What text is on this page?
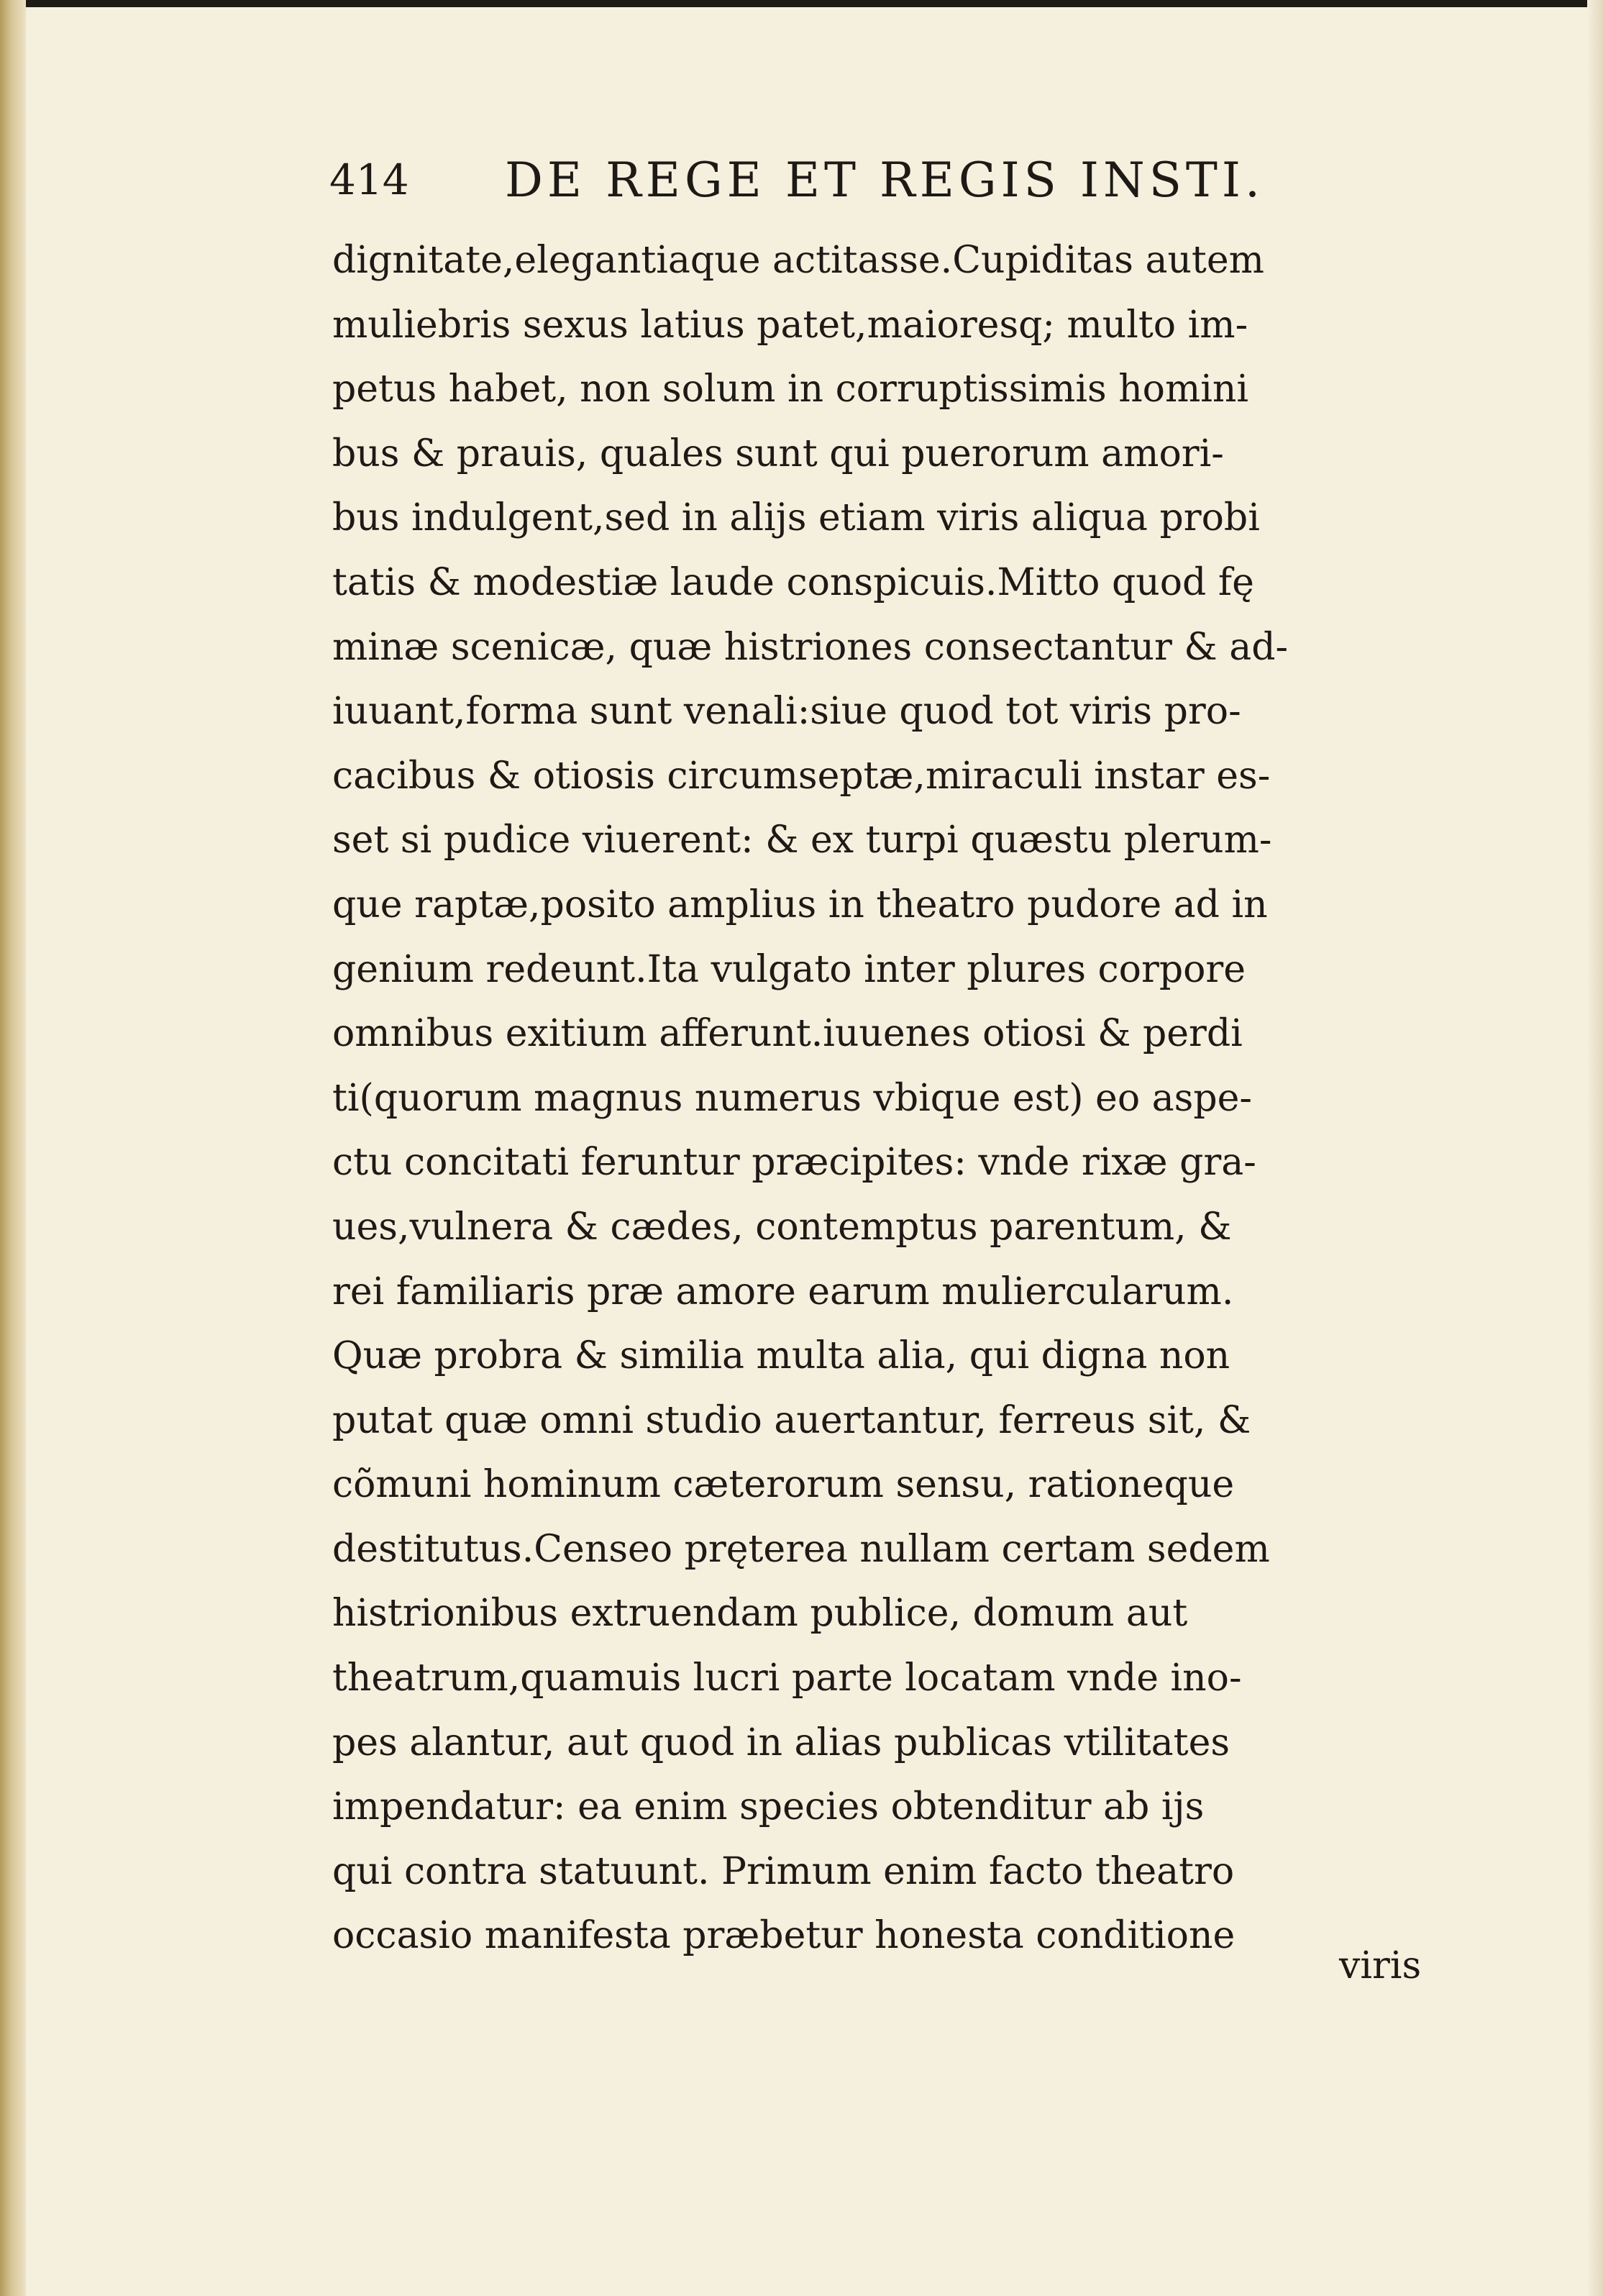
414 DE REGE ET REGIS INSTI.
dignitate,elegantiaque actitasse.Cupiditas autem
muliebris sexus latius patet,maioresq; multo im-
petus habet, non solum in corruptissimis homini
bus & prauis, quales sunt qui puerorum amori-
bus indulgent,sed in alijs etiam viris aliqua probi
tatis & modestiæ laude conspicuis.Mitto quod fę
minæ scenicæ, quæ histriones consectantur & ad-
iuuant,forma sunt venali:siue quod tot viris pro-
cacibus & otiosis circumseptæ,miraculi instar es-
set si pudice viuerent: & ex turpi quæstu plerum-
que raptæ,posito amplius in theatro pudore ad in
genium redeunt.Ita vulgato inter plures corpore
omnibus exitium afferunt.iuuenes otiosi & perdi
ti(quorum magnus numerus vbique est) eo aspe-
ctu concitati feruntur præcipites: vnde rixæ gra-
ues,vulnera & cædes, contemptus parentum, &
rei familiaris præ amore earum muliercularum.
Quæ probra & similia multa alia, qui digna non
putat quæ omni studio auertantur, ferreus sit, &
cõmuni hominum cæterorum sensu, rationeque
destitutus.Censeo pręterea nullam certam sedem
histrionibus extruendam publice, domum aut
theatrum,quamuis lucri parte locatam vnde ino-
pes alantur, aut quod in alias publicas vtilitates
impendatur: ea enim species obtenditur ab ijs
qui contra statuunt. Primum enim facto theatro
occasio manifesta præbetur honesta conditione
viris
